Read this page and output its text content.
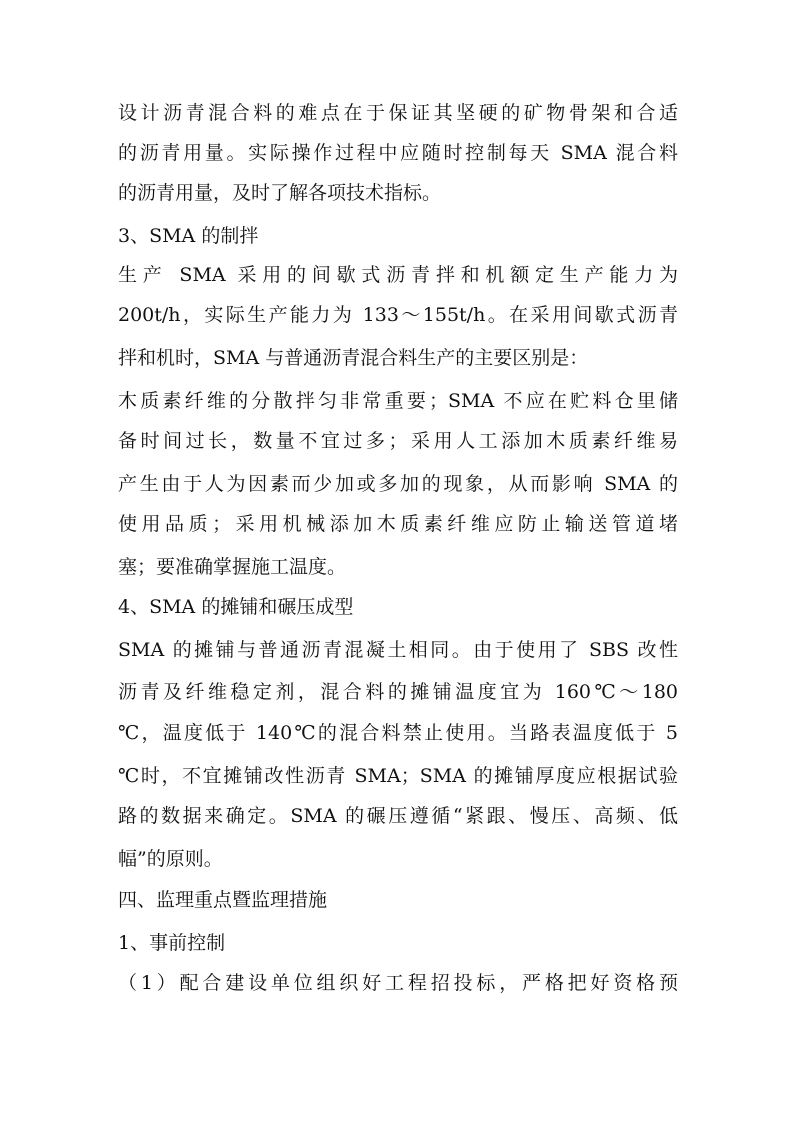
设计沥青混合料的难点在于保证其坚硬的矿物骨架和合适
的沥青用量。实际操作过程中应随时控制每天 SMA 混合料
的沥青用量，及时了解各项技术指标。
3、SMA 的制拌
生产 SMA 采用的间歇式沥青拌和机额定生产能力为
200t/h，实际生产能力为 133～155t/h。在采用间歇式沥青
拌和机时，SMA 与普通沥青混合料生产的主要区别是：
木质素纤维的分散拌匀非常重要；SMA 不应在贮料仓里储
备时间过长，数量不宜过多；采用人工添加木质素纤维易
产生由于人为因素而少加或多加的现象，从而影响 SMA 的
使用品质；采用机械添加木质素纤维应防止输送管道堵
塞；要准确掌握施工温度。
4、SMA 的摊铺和碾压成型
SMA 的摊铺与普通沥青混凝土相同。由于使用了 SBS 改性
沥青及纤维稳定剂，混合料的摊铺温度宜为 160℃～180
℃，温度低于 140℃的混合料禁止使用。当路表温度低于 5
℃时，不宜摊铺改性沥青 SMA；SMA 的摊铺厚度应根据试验
路的数据来确定。SMA 的碾压遵循“紧跟、慢压、高频、低
幅”的原则。
四、监理重点暨监理措施
1、事前控制
（1）配合建设单位组织好工程招投标，严格把好资格预
